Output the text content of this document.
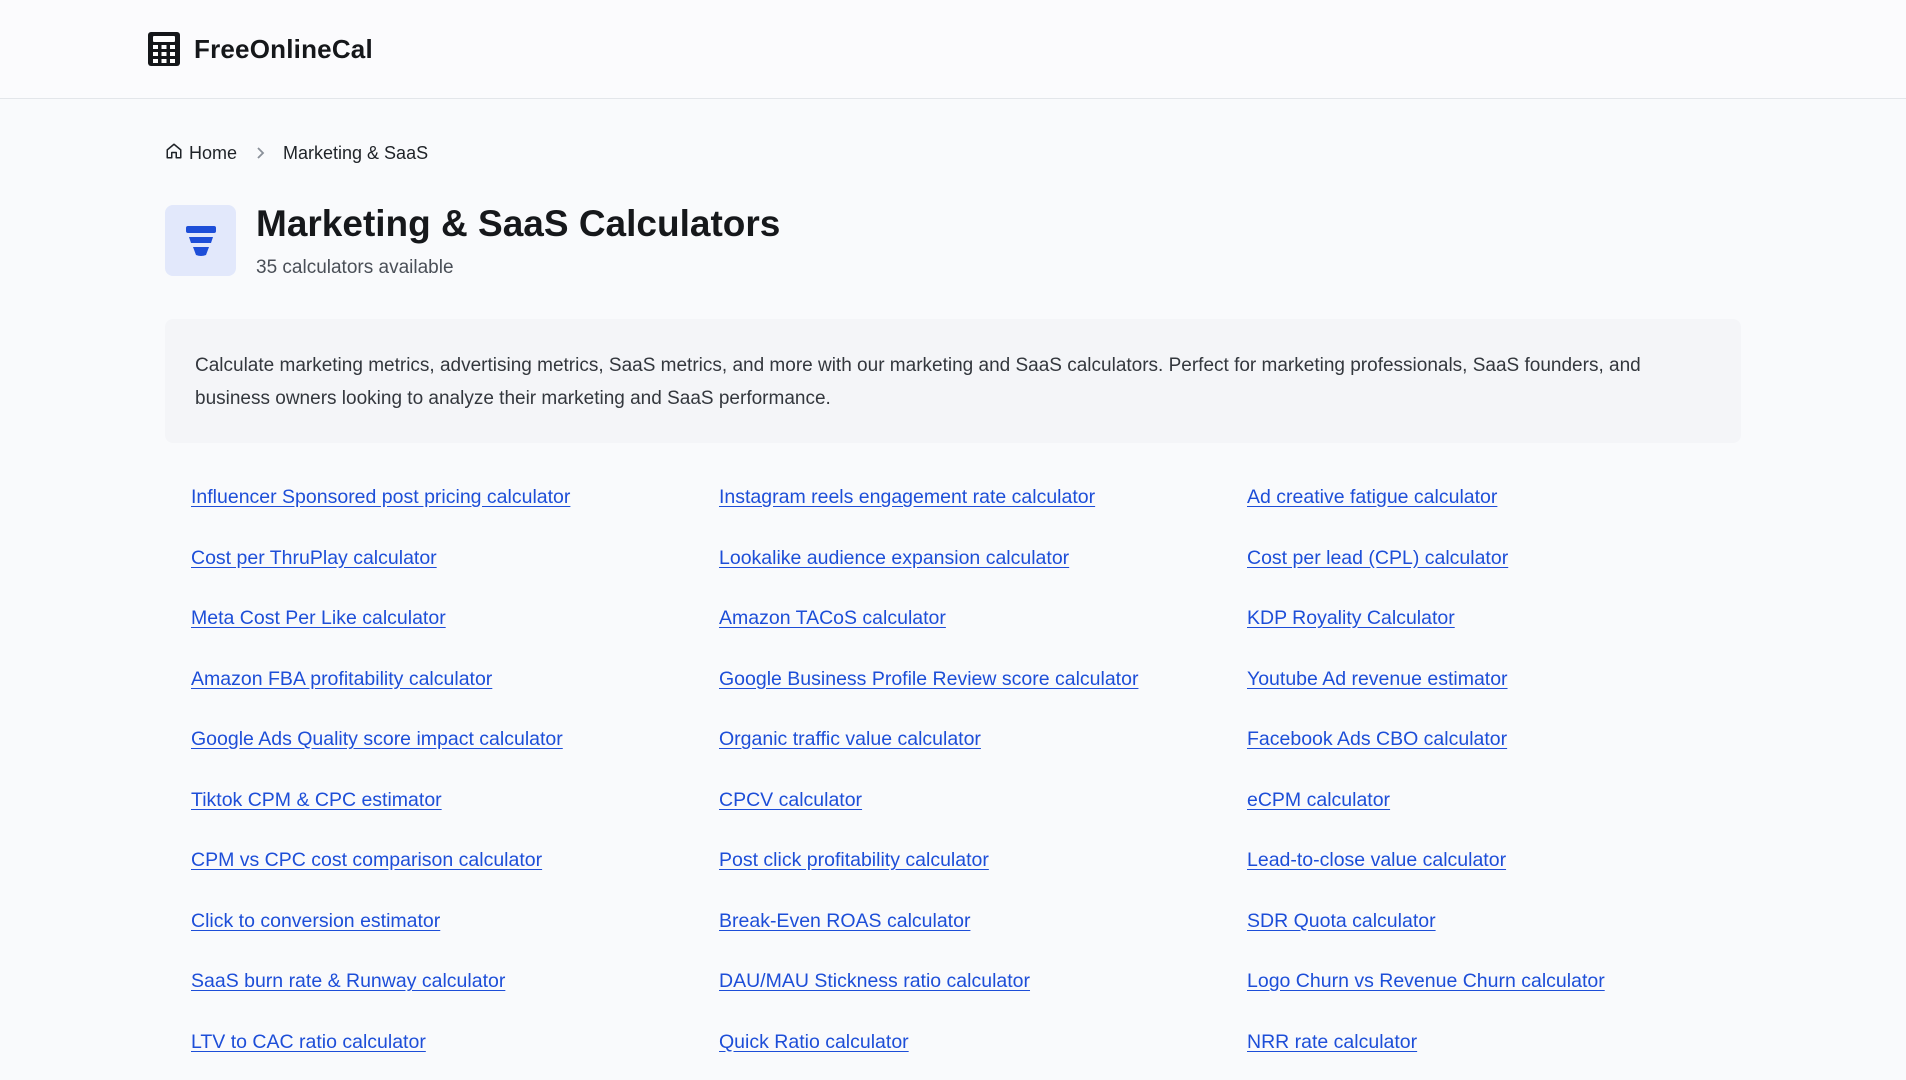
FreeOnlineCal
Home	Marketing & SaaS
Marketing & SaaS Calculators
35 calculators available
Calculate marketing metrics, advertising metrics, SaaS metrics, and more with our marketing and SaaS calculators. Perfect for marketing professionals, SaaS founders, and business owners looking to analyze their marketing and SaaS performance.
Influencer Sponsored post pricing calculator	Instagram reels engagement rate calculator	Ad creative fatigue calculator
Cost per ThruPlay calculator	Lookalike audience expansion calculator	Cost per lead (CPL) calculator
Meta Cost Per Like calculator	Amazon TACoS calculator	KDP Royality Calculator
Amazon FBA profitability calculator	Google Business Profile Review score calculator	Youtube Ad revenue estimator
Google Ads Quality score impact calculator	Organic traffic value calculator	Facebook Ads CBO calculator
Tiktok CPM & CPC estimator	CPCV calculator	eCPM calculator
CPM vs CPC cost comparison calculator	Post click profitability calculator	Lead-to-close value calculator
Click to conversion estimator	Break-Even ROAS calculator	SDR Quota calculator
SaaS burn rate & Runway calculator	DAU/MAU Stickness ratio calculator	Logo Churn vs Revenue Churn calculator
LTV to CAC ratio calculator	Quick Ratio calculator	NRR rate calculator
